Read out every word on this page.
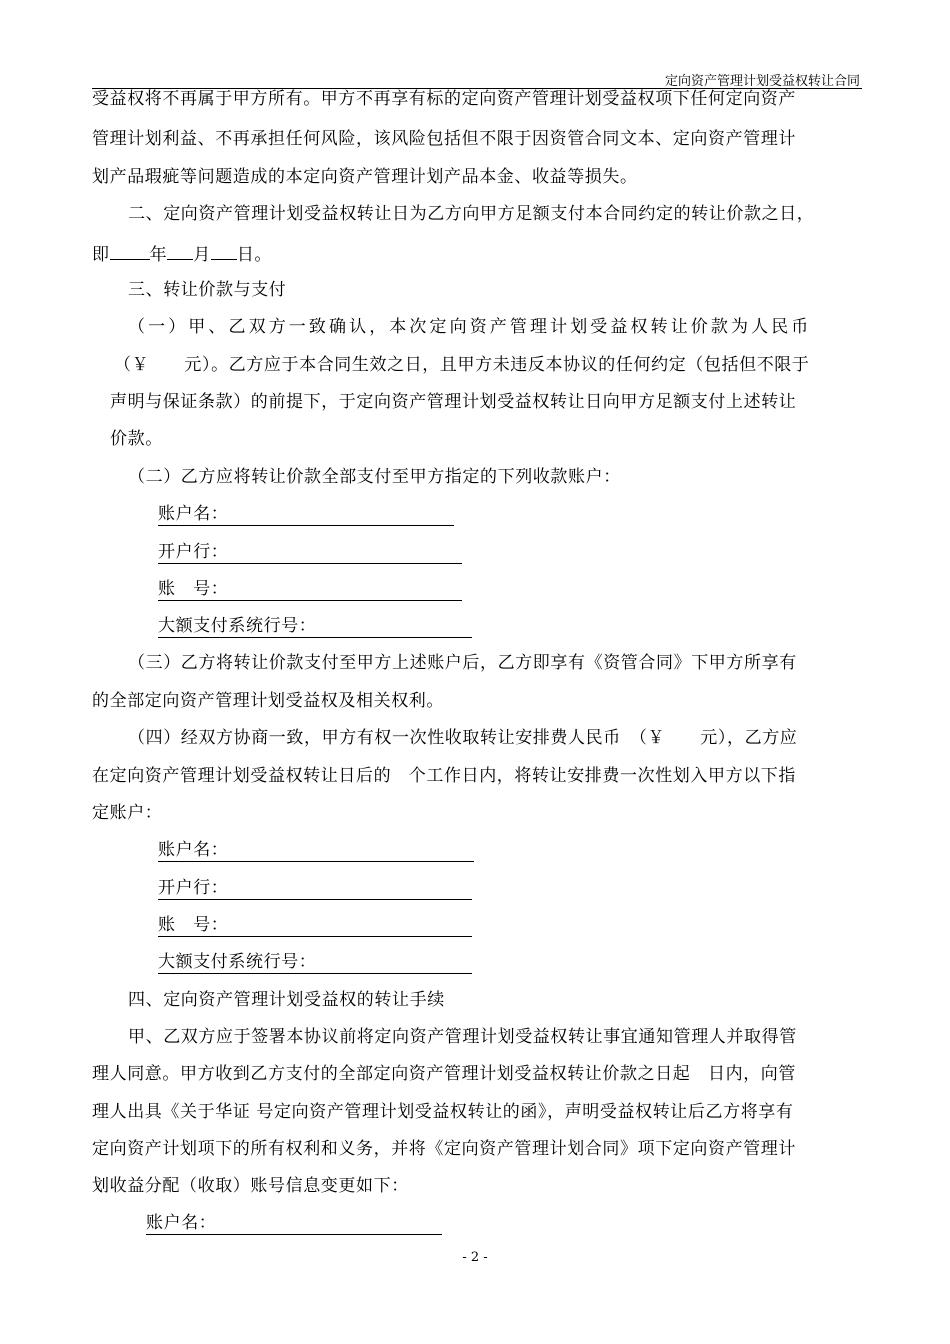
定向资产管理计划受益权转让合同
受益权将不再属于甲方所有。甲方不再享有标的定向资产管理计划受益权项下任何定向资产
管理计划利益、不再承担任何风险，该风险包括但不限于因资管合同文本、定向资产管理计
划产品瑕疵等问题造成的本定向资产管理计划产品本金、收益等损失。
二、定向资产管理计划受益权转让日为乙方向甲方足额支付本合同约定的转让价款之日，
即 年 月 日。
三、转让价款与支付
（一）甲、乙双方一致确认，本次定向资产管理计划受益权转让价款为人民币
（￥　　元）。乙方应于本合同生效之日，且甲方未违反本协议的任何约定（包括但不限于
声明与保证条款）的前提下，于定向资产管理计划受益权转让日向甲方足额支付上述转让
价款。
（二）乙方应将转让价款全部支付至甲方指定的下列收款账户：
账户名：
开户行：
账　号：
大额支付系统行号：
（三）乙方将转让价款支付至甲方上述账户后，乙方即享有《资管合同》下甲方所享有
的全部定向资产管理计划受益权及相关权利。
（四）经双方协商一致，甲方有权一次性收取转让安排费人民币　（￥　　元），乙方应
在定向资产管理计划受益权转让日后的　个工作日内，将转让安排费一次性划入甲方以下指
定账户：
账户名：
开户行：
账　号：
大额支付系统行号：
四、定向资产管理计划受益权的转让手续
甲、乙双方应于签署本协议前将定向资产管理计划受益权转让事宜通知管理人并取得管
理人同意。甲方收到乙方支付的全部定向资产管理计划受益权转让价款之日起　日内，向管
理人出具《关于华证 号定向资产管理计划受益权转让的函》，声明受益权转让后乙方将享有
定向资产计划项下的所有权利和义务，并将《定向资产管理计划合同》项下定向资产管理计
划收益分配（收取）账号信息变更如下：
账户名：
- 2 -
